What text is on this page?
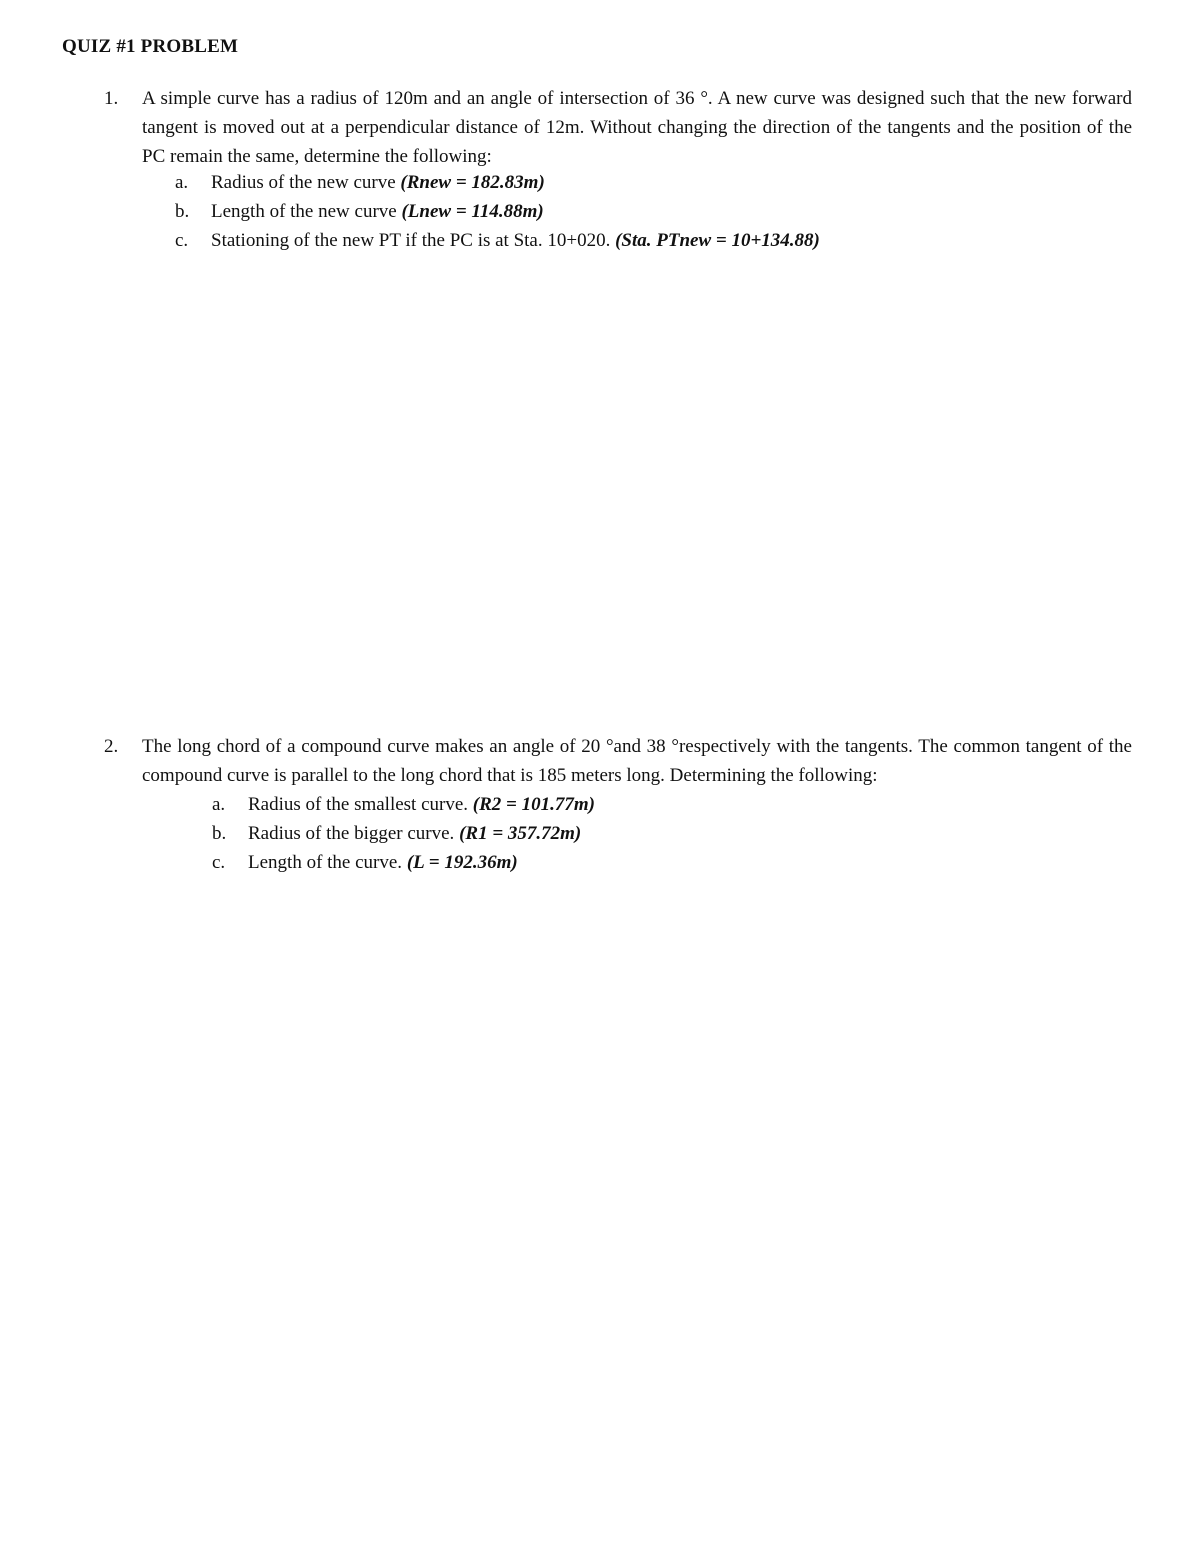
QUIZ #1 PROBLEM
1. A simple curve has a radius of 120m and an angle of intersection of 36 °. A new curve was designed such that the new forward tangent is moved out at a perpendicular distance of 12m. Without changing the direction of the tangents and the position of the PC remain the same, determine the following:
a. Radius of the new curve (Rnew = 182.83m)
b. Length of the new curve (Lnew = 114.88m)
c. Stationing of the new PT if the PC is at Sta. 10+020. (Sta. PTnew = 10+134.88)
2. The long chord of a compound curve makes an angle of 20 °and 38 °respectively with the tangents. The common tangent of the compound curve is parallel to the long chord that is 185 meters long. Determining the following:
a. Radius of the smallest curve. (R2 = 101.77m)
b. Radius of the bigger curve. (R1 = 357.72m)
c. Length of the curve. (L = 192.36m)
